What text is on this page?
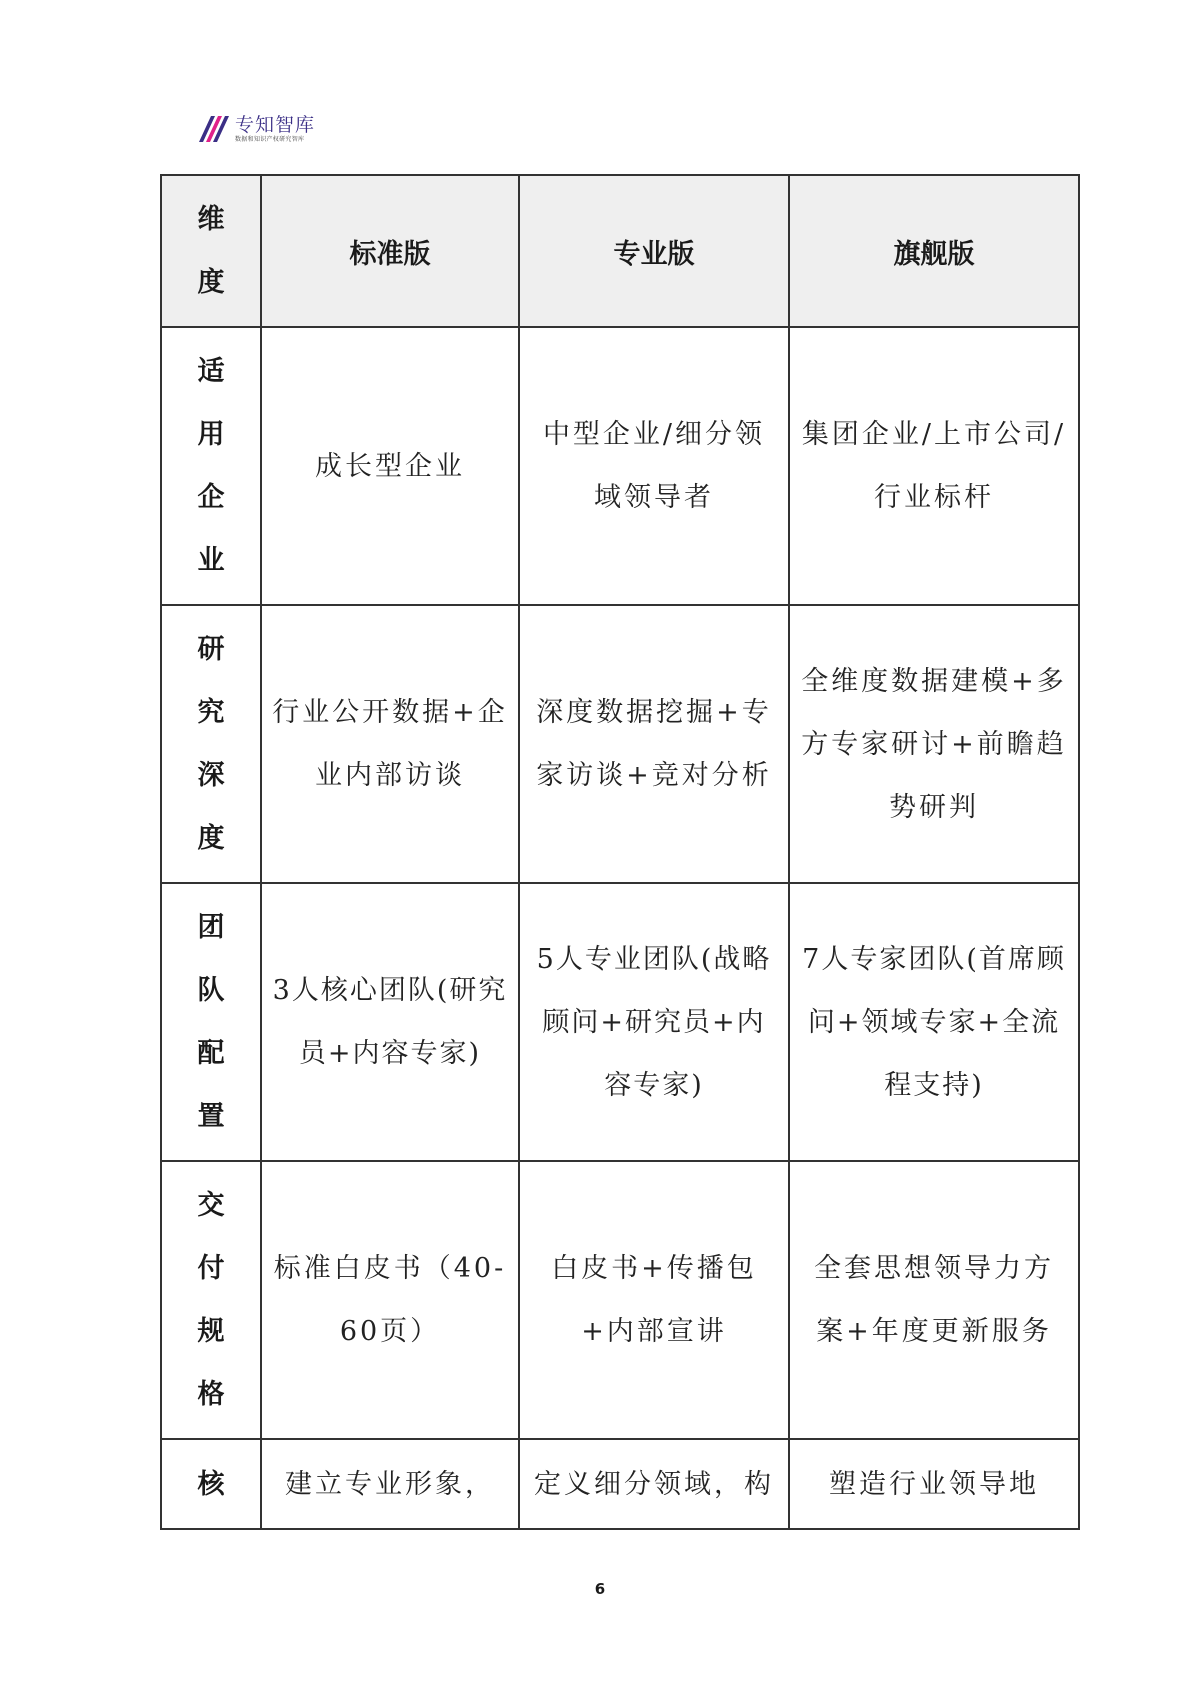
专知智库
数据和知识产权研究智库
维度	标准版	专业版	旗舰版
适用企业	成长型企业	中型企业/细分领域领导者	集团企业/上市公司/行业标杆
研究深度	行业公开数据+企业内部访谈	深度数据挖掘+专家访谈+竞对分析	全维度数据建模+多方专家研讨+前瞻趋势研判
团队配置	3人核心团队(研究员+内容专家)	5人专业团队(战略顾问+研究员+内容专家)	7人专家团队(首席顾问+领域专家+全流程支持)
交付规格	标准白皮书（40-60页）	白皮书+传播包+内部宣讲	全套思想领导力方案+年度更新服务
核	建立专业形象，	定义细分领域，构	塑造行业领导地
6
